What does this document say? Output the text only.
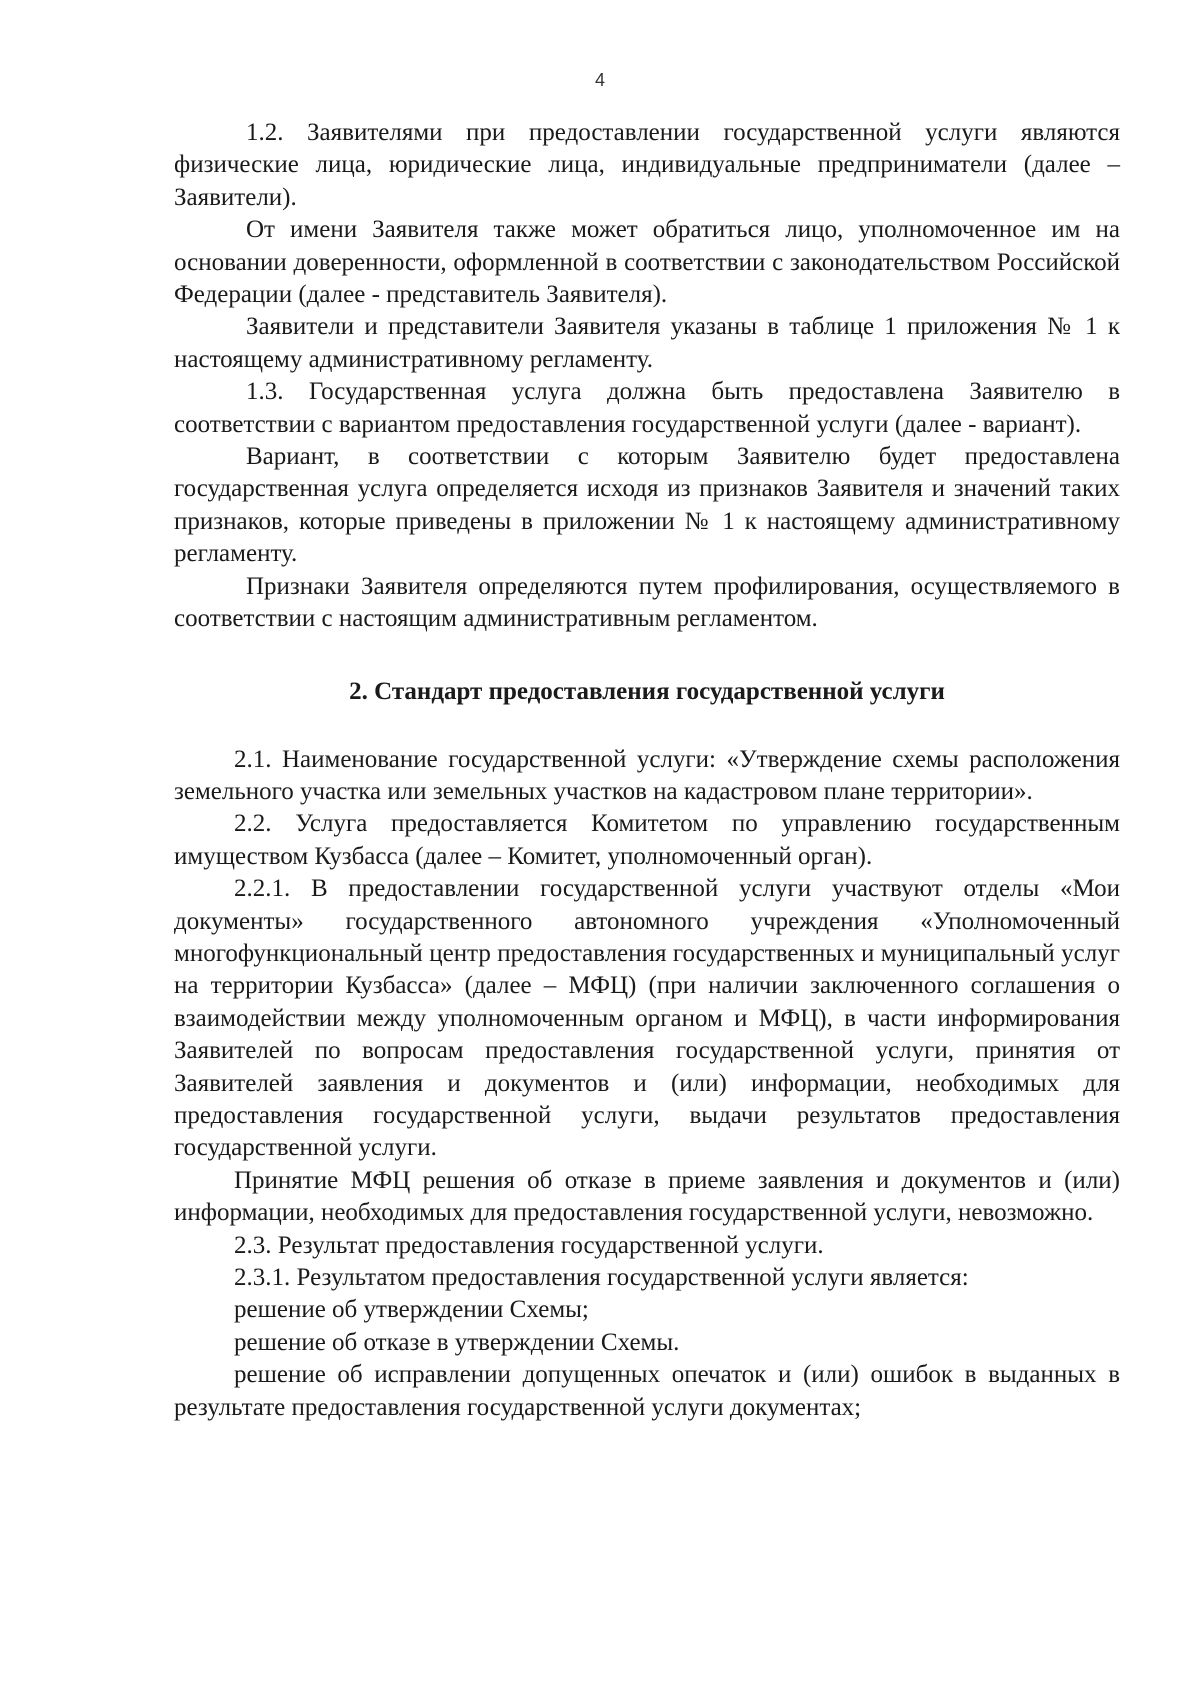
4

1.2. Заявителями при предоставлении государственной услуги являются физические лица, юридические лица, индивидуальные предприниматели (далее – Заявители).

От имени Заявителя также может обратиться лицо, уполномоченное им на основании доверенности, оформленной в соответствии с законодательством Российской Федерации (далее - представитель Заявителя).

Заявители и представители Заявителя указаны в таблице 1 приложения № 1 к настоящему административному регламенту.

1.3. Государственная услуга должна быть предоставлена Заявителю в соответствии с вариантом предоставления государственной услуги (далее - вариант).

Вариант, в соответствии с которым Заявителю будет предоставлена государственная услуга определяется исходя из признаков Заявителя и значений таких признаков, которые приведены в приложении № 1 к настоящему административному регламенту.

Признаки Заявителя определяются путем профилирования, осуществляемого в соответствии с настоящим административным регламентом.

2. Стандарт предоставления государственной услуги

2.1. Наименование государственной услуги: «Утверждение схемы расположения земельного участка или земельных участков на кадастровом плане территории».

2.2. Услуга предоставляется Комитетом по управлению государственным имуществом Кузбасса (далее – Комитет, уполномоченный орган).

2.2.1. В предоставлении государственной услуги участвуют отделы «Мои документы» государственного автономного учреждения «Уполномоченный многофункциональный центр предоставления государственных и муниципальный услуг на территории Кузбасса» (далее – МФЦ) (при наличии заключенного соглашения о взаимодействии между уполномоченным органом и МФЦ), в части информирования Заявителей по вопросам предоставления государственной услуги, принятия от Заявителей заявления и документов и (или) информации, необходимых для предоставления государственной услуги, выдачи результатов предоставления государственной услуги.

Принятие МФЦ решения об отказе в приеме заявления и документов и (или) информации, необходимых для предоставления государственной услуги, невозможно.

2.3. Результат предоставления государственной услуги.

2.3.1. Результатом предоставления государственной услуги является:

решение об утверждении Схемы;

решение об отказе в утверждении Схемы.

решение об исправлении допущенных опечаток и (или) ошибок в выданных в результате предоставления государственной услуги документах;
